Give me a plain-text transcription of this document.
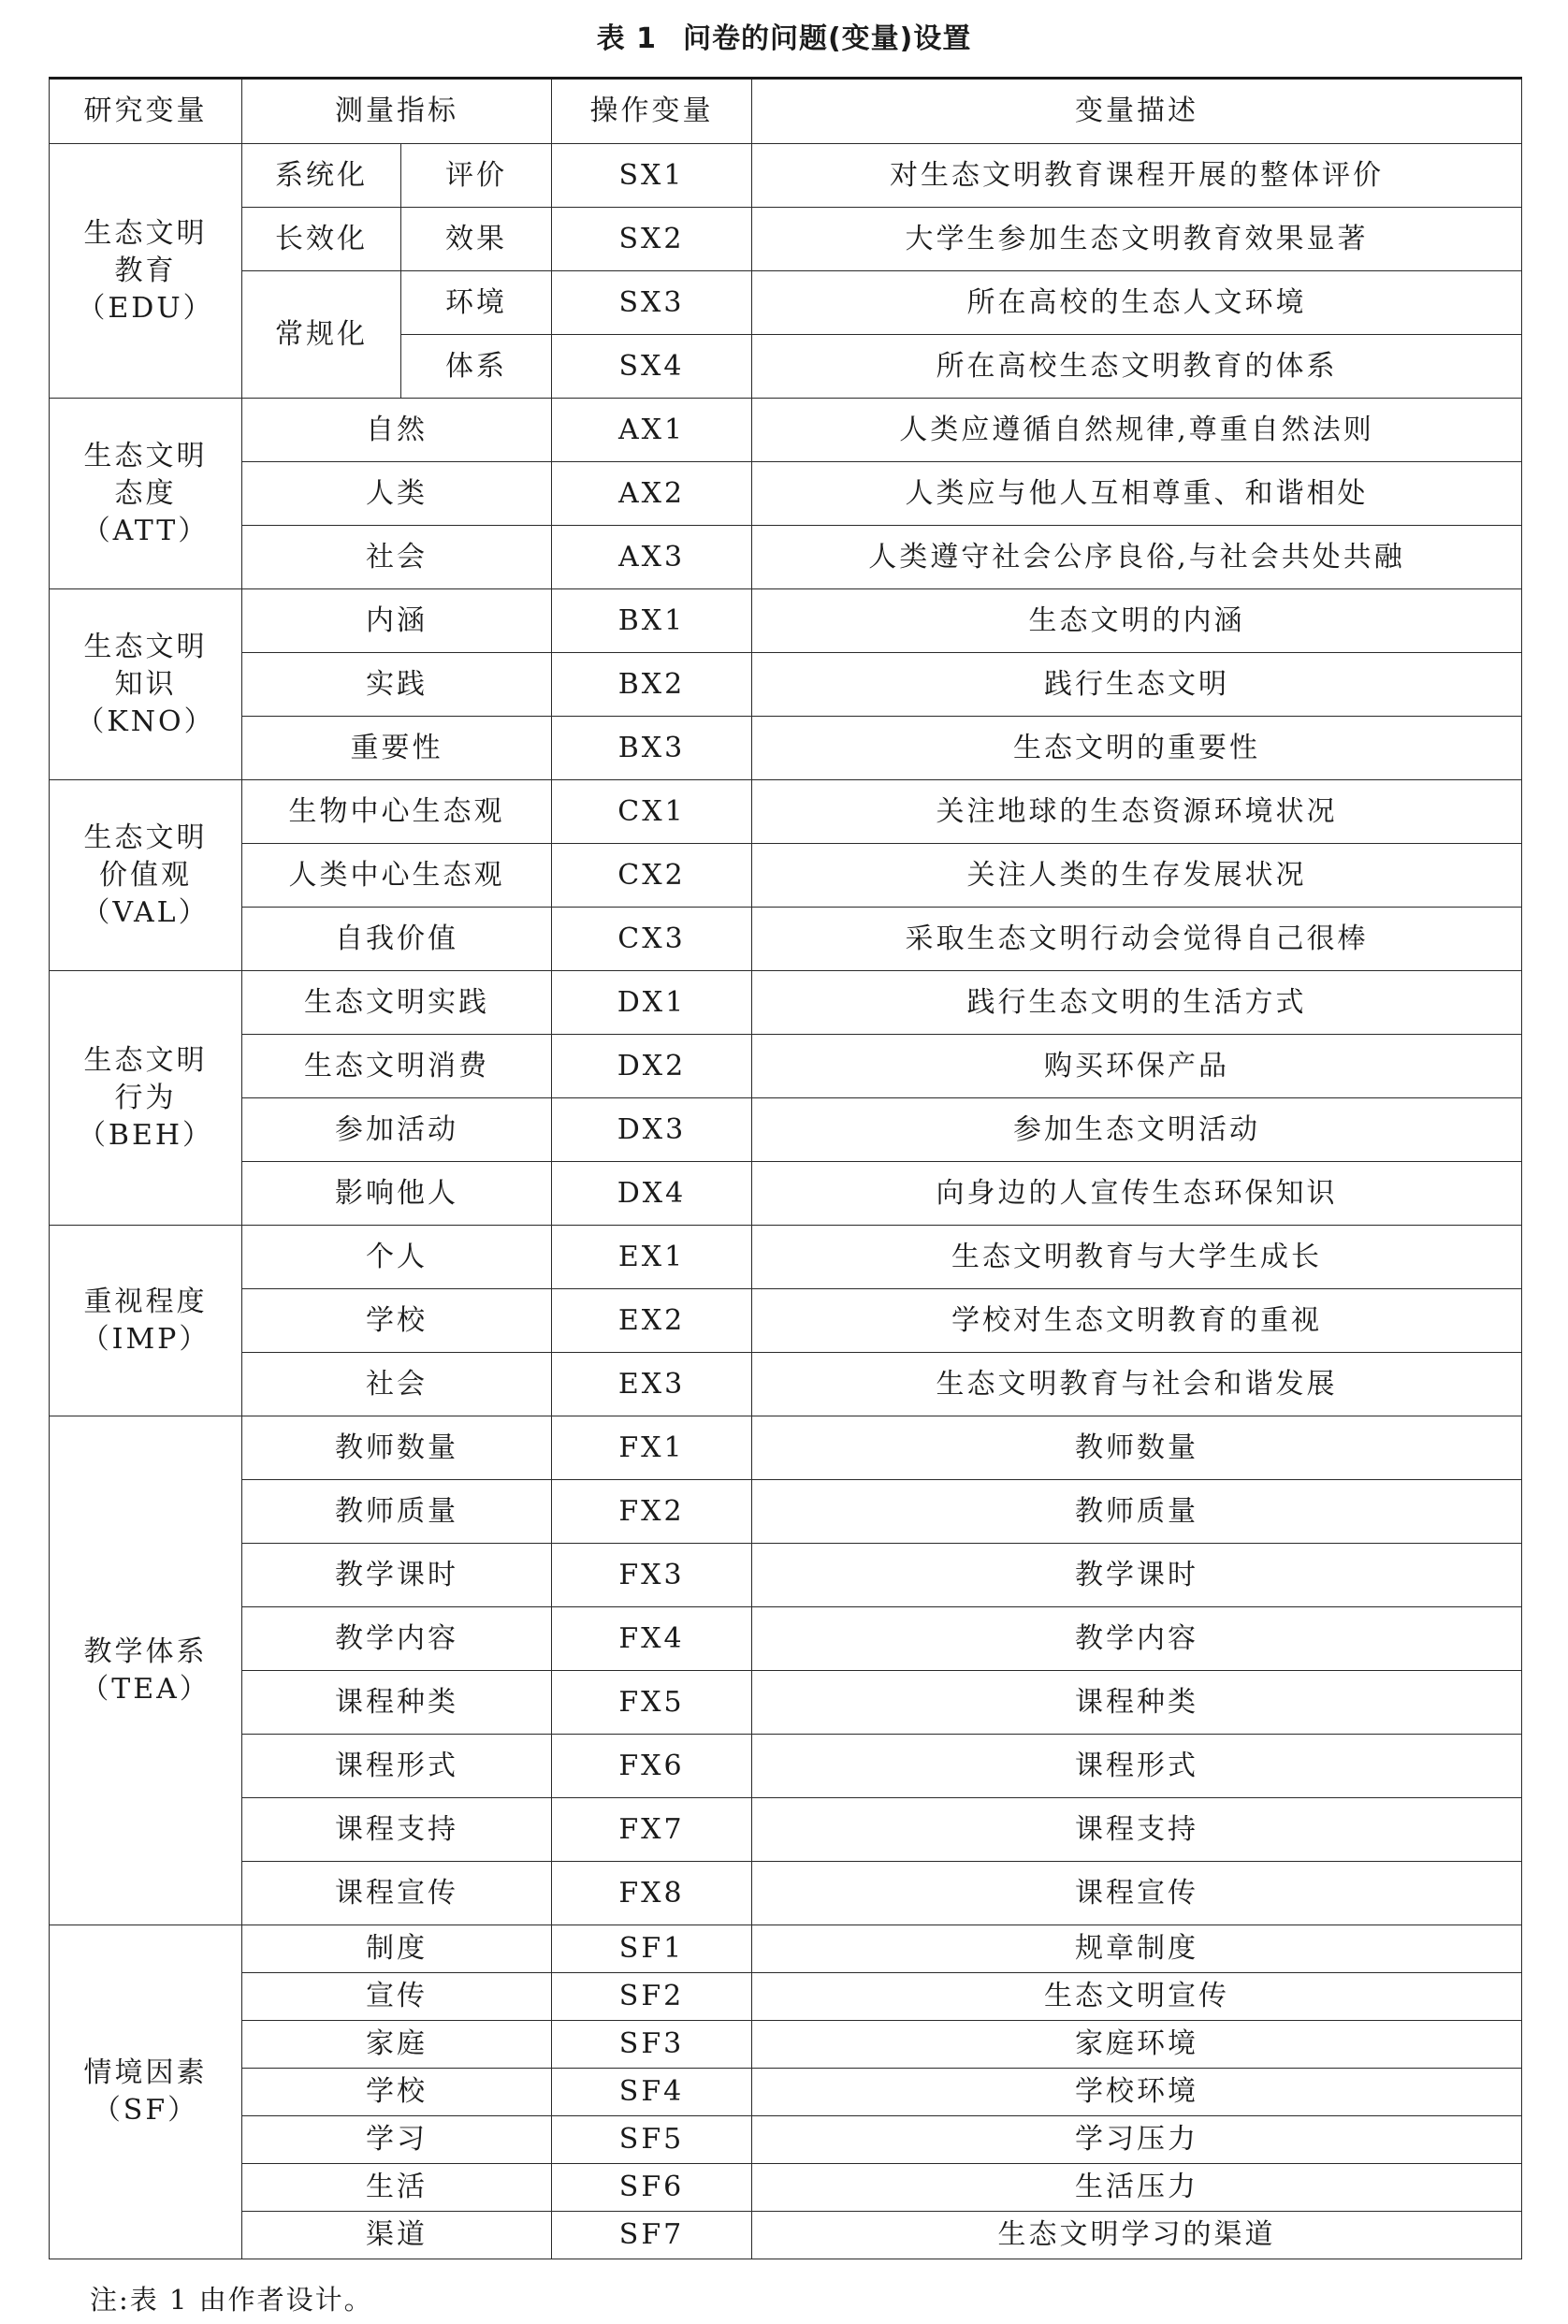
表 1 问卷的问题(变量)设置
研究变量	测量指标		操作变量	变量描述

生态文明
教育
（EDU）	系统化	评价	SX1	对生态文明教育课程开展的整体评价
	长效化	效果	SX2	大学生参加生态文明教育效果显著
	常规化	环境	SX3	所在高校的生态人文环境
		体系	SX4	所在高校生态文明教育的体系

生态文明
态度
（ATT）	自然		AX1	人类应遵循自然规律,尊重自然法则
	人类		AX2	人类应与他人互相尊重、和谐相处
	社会		AX3	人类遵守社会公序良俗,与社会共处共融

生态文明
知识
（KNO）	内涵		BX1	生态文明的内涵
	实践		BX2	践行生态文明
	重要性		BX3	生态文明的重要性

生态文明
价值观
（VAL）	生物中心生态观		CX1	关注地球的生态资源环境状况
	人类中心生态观		CX2	关注人类的生存发展状况
	自我价值		CX3	采取生态文明行动会觉得自己很棒

生态文明
行为
（BEH）	生态文明实践		DX1	践行生态文明的生活方式
	生态文明消费		DX2	购买环保产品
	参加活动		DX3	参加生态文明活动
	影响他人		DX4	向身边的人宣传生态环保知识

重视程度
（IMP）	个人		EX1	生态文明教育与大学生成长
	学校		EX2	学校对生态文明教育的重视
	社会		EX3	生态文明教育与社会和谐发展

教学体系
（TEA）	教师数量		FX1	教师数量
	教师质量		FX2	教师质量
	教学课时		FX3	教学课时
	教学内容		FX4	教学内容
	课程种类		FX5	课程种类
	课程形式		FX6	课程形式
	课程支持		FX7	课程支持
	课程宣传		FX8	课程宣传

情境因素
（SF）	制度		SF1	规章制度
	宣传		SF2	生态文明宣传
	家庭		SF3	家庭环境
	学校		SF4	学校环境
	学习		SF5	学习压力
	生活		SF6	生活压力
	渠道		SF7	生态文明学习的渠道
注:表 1 由作者设计。
